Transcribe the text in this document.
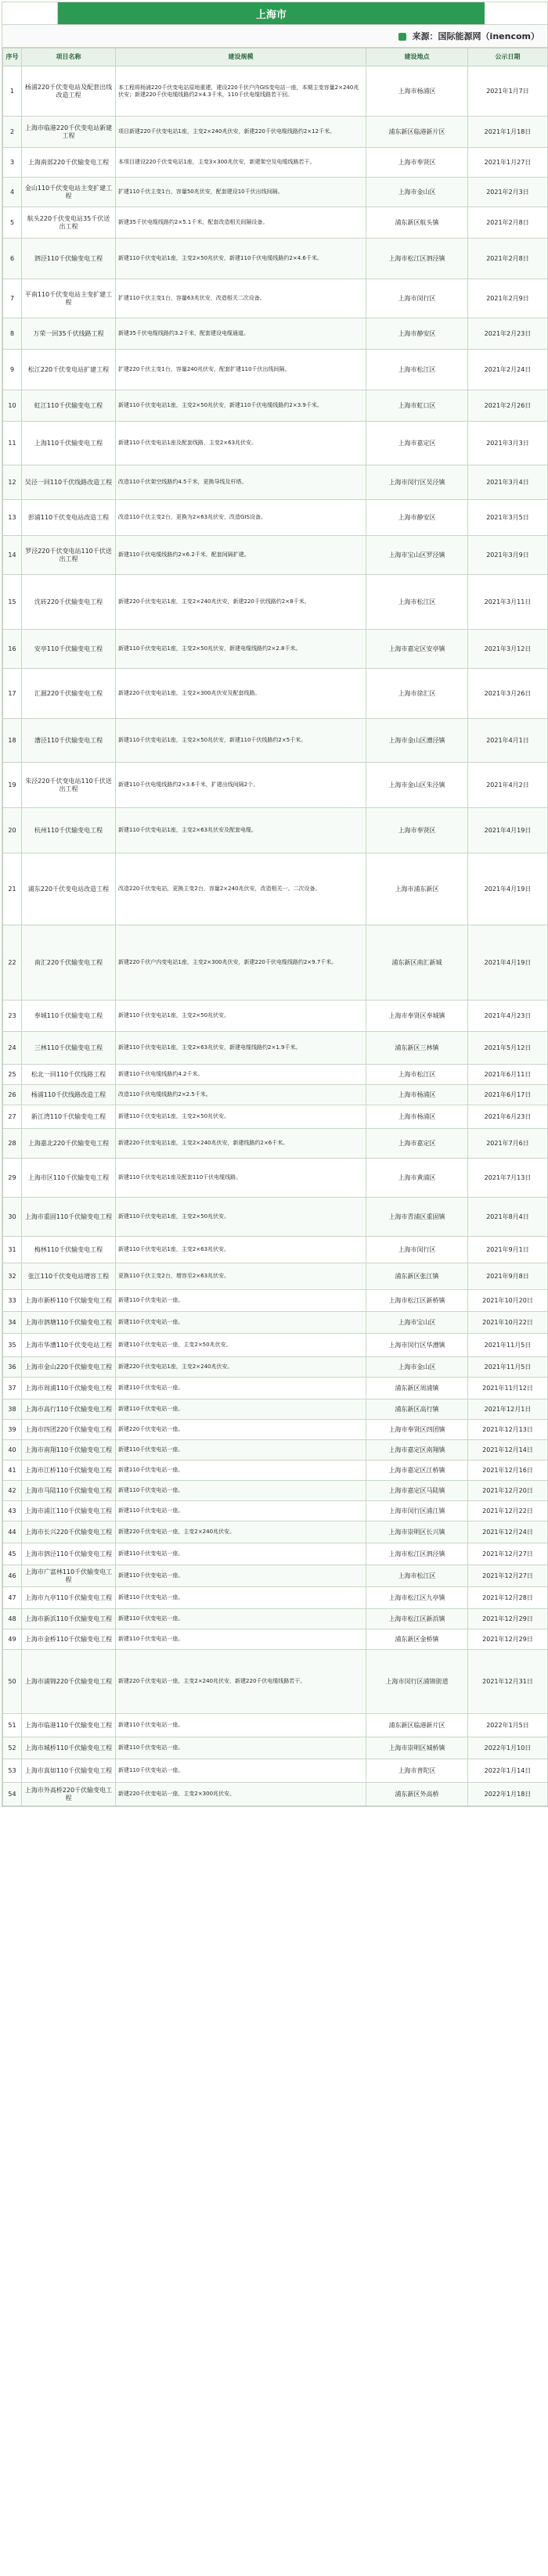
上海市
来源：国际能源网（inencom）
序号	项目名称	建设规模	建设地点	公示日期
1	杨浦220千伏变电站及配套出线改造工程	本工程将杨浦220千伏变电站原地重建，建设220千伏户内GIS变电站一座，本期主变容量2×240兆伏安；新建220千伏电缆线路约2×4.3千米，110千伏电缆线路若干回。	上海市杨浦区	2021年1月7日
2	上海市临港220千伏变电站新建工程	项目新建220千伏变电站1座，主变2×240兆伏安，新建220千伏电缆线路约2×12千米。	浦东新区临港新片区	2021年1月18日
3	上海南部220千伏输变电工程	本项目建设220千伏变电站1座，主变3×300兆伏安，新建架空及电缆线路若干。	上海市奉贤区	2021年1月27日
4	金山110千伏变电站主变扩建工程	扩建110千伏主变1台，容量50兆伏安，配套建设10千伏出线间隔。	上海市金山区	2021年2月3日
5	航头220千伏变电站35千伏送出工程	新建35千伏电缆线路约2×5.1千米，配套改造相关间隔设备。	浦东新区航头镇	2021年2月8日
6	泗泾110千伏输变电工程	新建110千伏变电站1座，主变2×50兆伏安，新建110千伏电缆线路约2×4.6千米。	上海市松江区泗泾镇	2021年2月8日
7	平南110千伏变电站主变扩建工程	扩建110千伏主变1台，容量63兆伏安，改造相关二次设备。	上海市闵行区	2021年2月9日
8	万荣一回35千伏线路工程	新建35千伏电缆线路约3.2千米，配套建设电缆通道。	上海市静安区	2021年2月23日
9	松江220千伏变电站扩建工程	扩建220千伏主变1台，容量240兆伏安，配套扩建110千伏出线间隔。	上海市松江区	2021年2月24日
10	虹江110千伏输变电工程	新建110千伏变电站1座，主变2×50兆伏安，新建110千伏电缆线路约2×3.9千米。	上海市虹口区	2021年2月26日
11	上海110千伏输变电工程	新建110千伏变电站1座及配套线路，主变2×63兆伏安。	上海市嘉定区	2021年3月3日
12	吴泾一回110千伏线路改造工程	改造110千伏架空线路约4.5千米，更换导线及杆塔。	上海市闵行区吴泾镇	2021年3月4日
13	彭浦110千伏变电站改造工程	改造110千伏主变2台，更换为2×63兆伏安，改造GIS设备。	上海市静安区	2021年3月5日
14	罗泾220千伏变电站110千伏送出工程	新建110千伏电缆线路约2×6.2千米，配套间隔扩建。	上海市宝山区罗泾镇	2021年3月9日
15	沈砖220千伏输变电工程	新建220千伏变电站1座，主变2×240兆伏安，新建220千伏线路约2×8千米。	上海市松江区	2021年3月11日
16	安亭110千伏输变电工程	新建110千伏变电站1座，主变2×50兆伏安，新建电缆线路约2×2.8千米。	上海市嘉定区安亭镇	2021年3月12日
17	汇源220千伏输变电工程	新建220千伏变电站1座，主变2×300兆伏安及配套线路。	上海市徐汇区	2021年3月26日
18	漕泾110千伏输变电工程	新建110千伏变电站1座，主变2×50兆伏安，新建110千伏线路约2×5千米。	上海市金山区漕泾镇	2021年4月1日
19	朱泾220千伏变电站110千伏送出工程	新建110千伏电缆线路约2×3.6千米，扩建出线间隔2个。	上海市金山区朱泾镇	2021年4月2日
20	杭州110千伏输变电工程	新建110千伏变电站1座，主变2×63兆伏安及配套电缆。	上海市奉贤区	2021年4月19日
21	浦东220千伏变电站改造工程	改造220千伏变电站，更换主变2台，容量2×240兆伏安，改造相关一、二次设备。	上海市浦东新区	2021年4月19日
22	南汇220千伏输变电工程	新建220千伏户内变电站1座，主变2×300兆伏安，新建220千伏电缆线路约2×9.7千米。	浦东新区南汇新城	2021年4月19日
23	奉城110千伏输变电工程	新建110千伏变电站1座，主变2×50兆伏安。	上海市奉贤区奉城镇	2021年4月23日
24	三林110千伏输变电工程	新建110千伏变电站1座，主变2×63兆伏安，新建电缆线路约2×1.9千米。	浦东新区三林镇	2021年5月12日
25	松北一回110千伏线路工程	新建110千伏电缆线路约4.2千米。	上海市松江区	2021年6月11日
26	杨浦110千伏线路改造工程	改造110千伏电缆线路约2×2.5千米。	上海市杨浦区	2021年6月17日
27	新江湾110千伏输变电工程	新建110千伏变电站1座，主变2×50兆伏安。	上海市杨浦区	2021年6月23日
28	上海嘉北220千伏输变电工程	新建220千伏变电站1座，主变2×240兆伏安，新建线路约2×6千米。	上海市嘉定区	2021年7月6日
29	上海市区110千伏输变电工程	新建110千伏变电站1座及配套110千伏电缆线路。	上海市黄浦区	2021年7月13日
30	上海市重固110千伏输变电工程	新建110千伏变电站1座，主变2×50兆伏安。	上海市青浦区重固镇	2021年8月4日
31	梅林110千伏输变电工程	新建110千伏变电站1座，主变2×63兆伏安。	上海市闵行区	2021年9月1日
32	张江110千伏变电站增容工程	更换110千伏主变2台，增容至2×63兆伏安。	浦东新区张江镇	2021年9月8日
33	上海市新桥110千伏输变电工程	新建110千伏变电站一座。	上海市松江区新桥镇	2021年10月20日
34	上海市泗塘110千伏输变电工程	新建110千伏变电站一座。	上海市宝山区	2021年10月22日
35	上海市华漕110千伏变电站工程	新建110千伏变电站一座，主变2×50兆伏安。	上海市闵行区华漕镇	2021年11月5日
36	上海市金山220千伏输变电工程	新建220千伏变电站1座，主变2×240兆伏安。	上海市金山区	2021年11月5日
37	上海市周浦110千伏输变电工程	新建110千伏变电站一座。	浦东新区周浦镇	2021年11月12日
38	上海市高行110千伏输变电工程	新建110千伏变电站一座。	浦东新区高行镇	2021年12月1日
39	上海市四团220千伏输变电工程	新建220千伏变电站一座。	上海市奉贤区四团镇	2021年12月13日
40	上海市南翔110千伏输变电工程	新建110千伏变电站一座。	上海市嘉定区南翔镇	2021年12月14日
41	上海市江桥110千伏输变电工程	新建110千伏变电站一座。	上海市嘉定区江桥镇	2021年12月16日
42	上海市马陆110千伏输变电工程	新建110千伏变电站一座。	上海市嘉定区马陆镇	2021年12月20日
43	上海市浦江110千伏输变电工程	新建110千伏变电站一座。	上海市闵行区浦江镇	2021年12月22日
44	上海市长兴220千伏输变电工程	新建220千伏变电站一座，主变2×240兆伏安。	上海市崇明区长兴镇	2021年12月24日
45	上海市泗泾110千伏输变电工程	新建110千伏变电站一座。	上海市松江区泗泾镇	2021年12月27日
46	上海市广富林110千伏输变电工程	新建110千伏变电站一座。	上海市松江区	2021年12月27日
47	上海市九亭110千伏输变电工程	新建110千伏变电站一座。	上海市松江区九亭镇	2021年12月28日
48	上海市新浜110千伏输变电工程	新建110千伏变电站一座。	上海市松江区新浜镇	2021年12月29日
49	上海市金桥110千伏输变电工程	新建110千伏变电站一座。	浦东新区金桥镇	2021年12月29日
50	上海市浦锦220千伏输变电工程	新建220千伏变电站一座，主变2×240兆伏安，新建220千伏电缆线路若干。	上海市闵行区浦锦街道	2021年12月31日
51	上海市临港110千伏输变电工程	新建110千伏变电站一座。	浦东新区临港新片区	2022年1月5日
52	上海市城桥110千伏输变电工程	新建110千伏变电站一座。	上海市崇明区城桥镇	2022年1月10日
53	上海市真如110千伏输变电工程	新建110千伏变电站一座。	上海市普陀区	2022年1月14日
54	上海市外高桥220千伏输变电工程	新建220千伏变电站一座，主变2×300兆伏安。	浦东新区外高桥	2022年1月18日
